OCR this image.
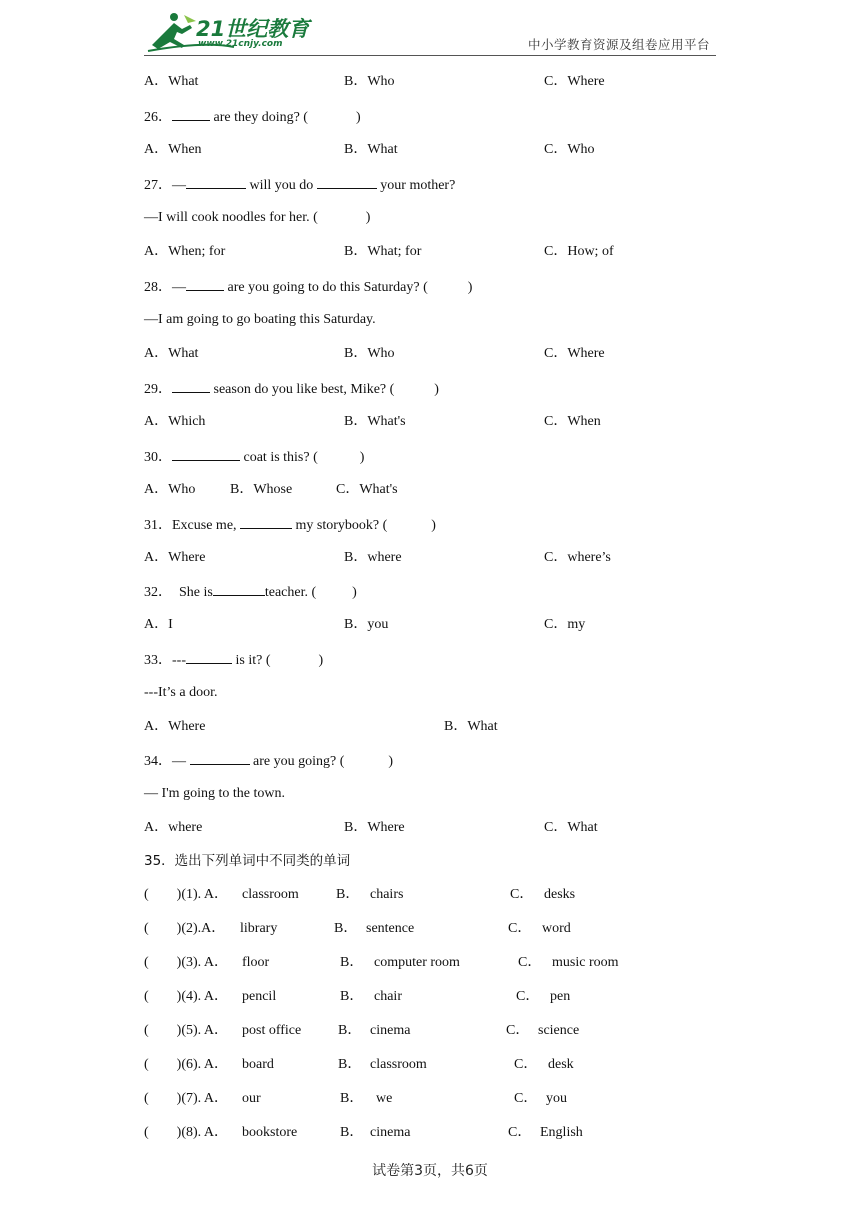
21世纪教育
www.21cnjy.com	中小学教育资源及组卷应用平台
A．What	B．Who	C．Where
26．	are they doing? (	)
A．When	B．What	C．Who
27．—	will you do	your mother?
—I will cook noodles for her. (	)
A．When; for	B．What; for	C．How; of
28．—	are you going to do this Saturday? (	)
—I am going to go boating this Saturday.
A．What	B．Who	C．Where
29．	season do you like best, Mike? (	)
A．Which	B．What's	C．When
30．	coat is this? (	)
A．Who B．Whose	C．What's
31．Excuse me,	my storybook? (	)
A．Where	B．where	C．where’s
32．  She is	teacher. (	)
A．I	B．you	C．my
33．---	is it? (	)
---It’s a door.
A．Where	B．What
34．—	are you going? (	)
— I'm going to the town.
A．where	B．Where	C．What
35．选出下列单词中不同类的单词
(        )(1). A． classroom	B． chairs	C． desks
(        )(2).A． library	B． sentence	C． word
(        )(3). A． floor	B． computer room	C． music room
(        )(4). A． pencil	B． chair	C． pen
(        )(5). A． post office	B． cinema	C． science
(        )(6). A． board	B． classroom	C． desk
(        )(7). A． our	B． we	C． you
(        )(8). A． bookstore	B． cinema	C． English
试卷第3页，共6页
